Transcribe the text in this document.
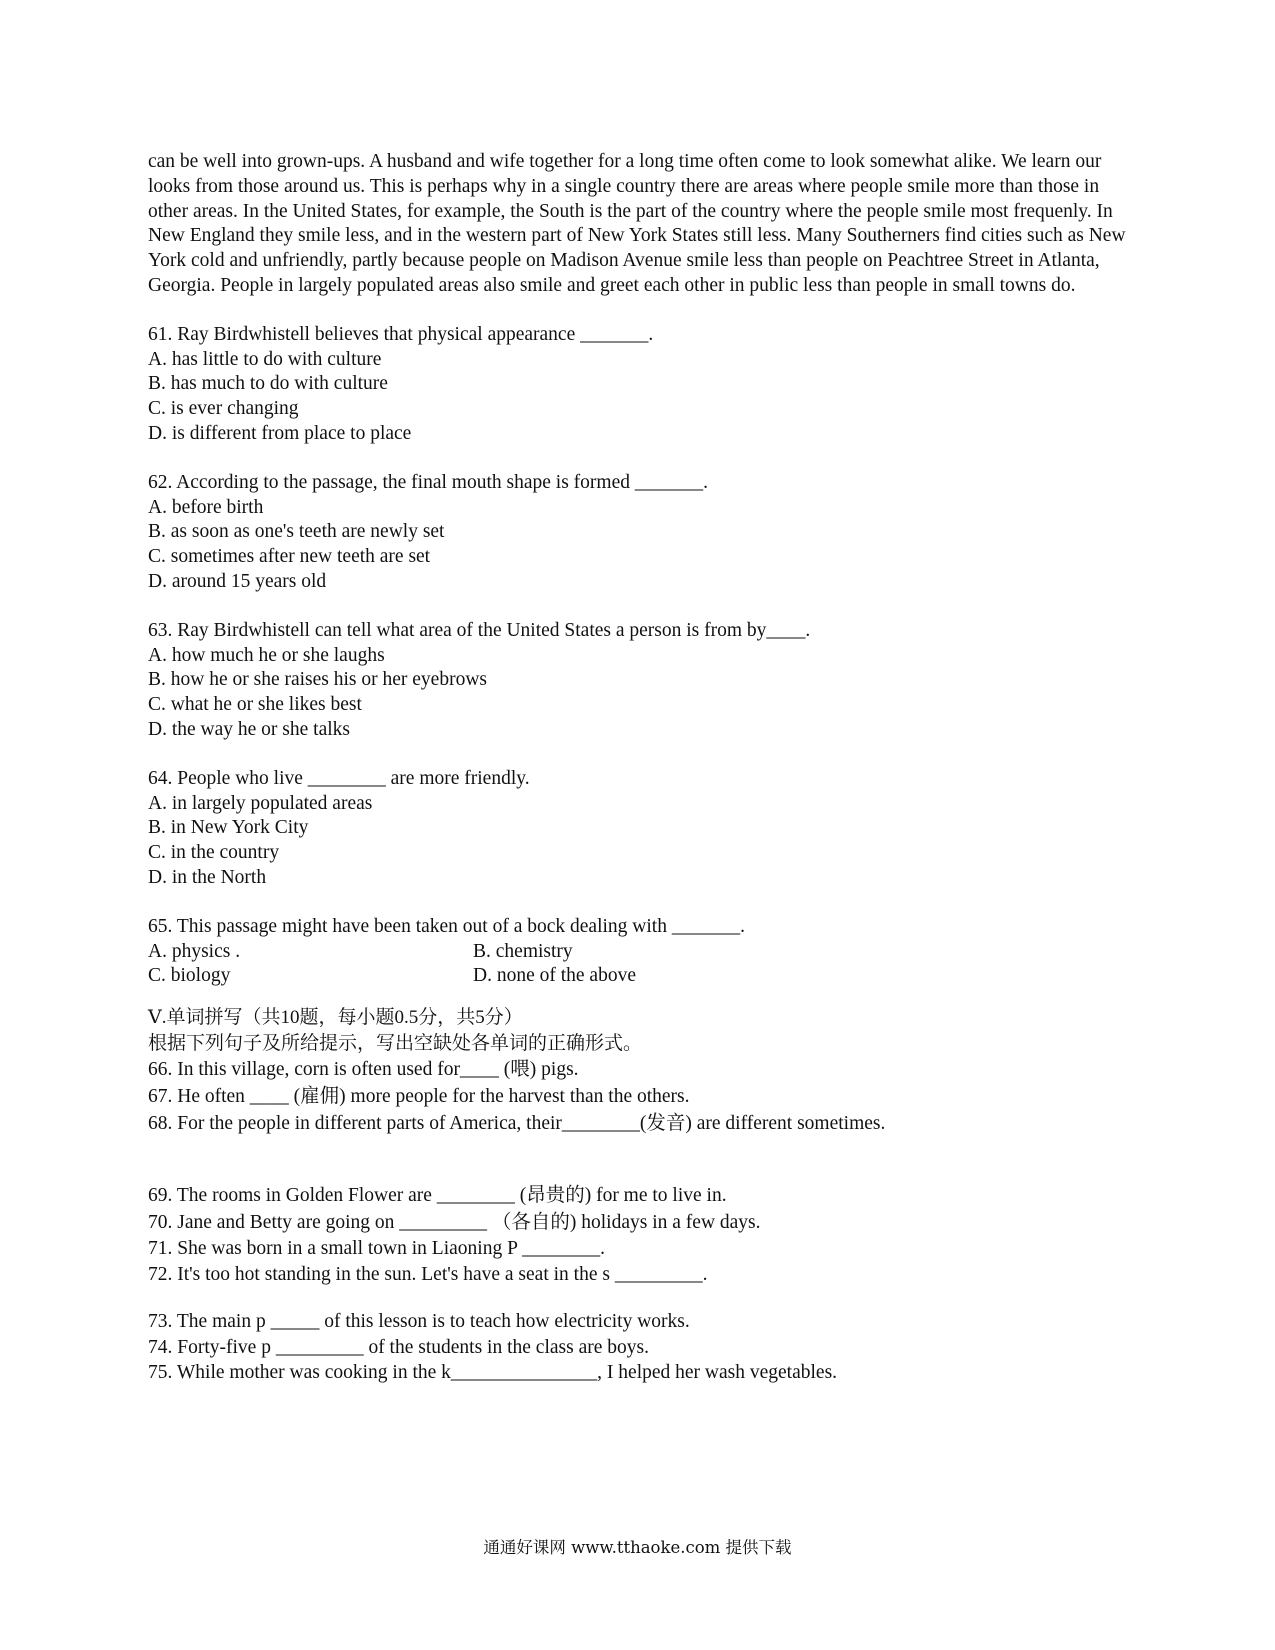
can be well into grown-ups. A husband and wife together for a long time often come to look somewhat alike. We learn our looks from those around us. This is perhaps why in a single country there are areas where people smile more than those in other areas. In the United States, for example, the South is the part of the country where the people smile most frequenly. In New England they smile less, and in the western part of New York States still less. Many Southerners find cities such as New York cold and unfriendly, partly because people on Madison Avenue smile less than people on Peachtree Street in Atlanta, Georgia. People in largely populated areas also smile and greet each other in public less than people in small towns do.

61. Ray Birdwhistell believes that physical appearance _______.
A. has little to do with culture
B. has much to do with culture
C. is ever changing
D. is different from place to place
62. According to the passage, the final mouth shape is formed _______.
A. before birth
B. as soon as one's teeth are newly set
C. sometimes after new teeth are set
D. around 15 years old
63. Ray Birdwhistell can tell what area of the United States a person is from by____.
A. how much he or she laughs
B. how he or she raises his or her eyebrows
C. what he or she likes best
D. the way he or she talks
64. People who live ________ are more friendly.
A. in largely populated areas
B. in New York City
C. in the country
D. in the North
65. This passage might have been taken out of a bock dealing with _______.
A. physics .	B. chemistry
C. biology	D. none of the above
Ⅴ.单词拼写（共10题，每小题0.5分，共5分）
根据下列句子及所给提示，写出空缺处各单词的正确形式。
66. In this village, corn is often used for____ (喂) pigs.
67. He often ____ (雇佣) more people for the harvest than the others.
68. For the people in different parts of America, their________(发音) are different sometimes.
69. The rooms in Golden Flower are ________ (昂贵的) for me to live in.
70. Jane and Betty are going on _________ （各自的) holidays in a few days.
71. She was born in a small town in Liaoning P ________.
72. It's too hot standing in the sun. Let's have a seat in the s _________.
73. The main p _____ of this lesson is to teach how electricity works.
74. Forty-five p _________ of the students in the class are boys.
75. While mother was cooking in the k_______________, I helped her wash vegetables.
通通好课网 www.tthaoke.com 提供下载
